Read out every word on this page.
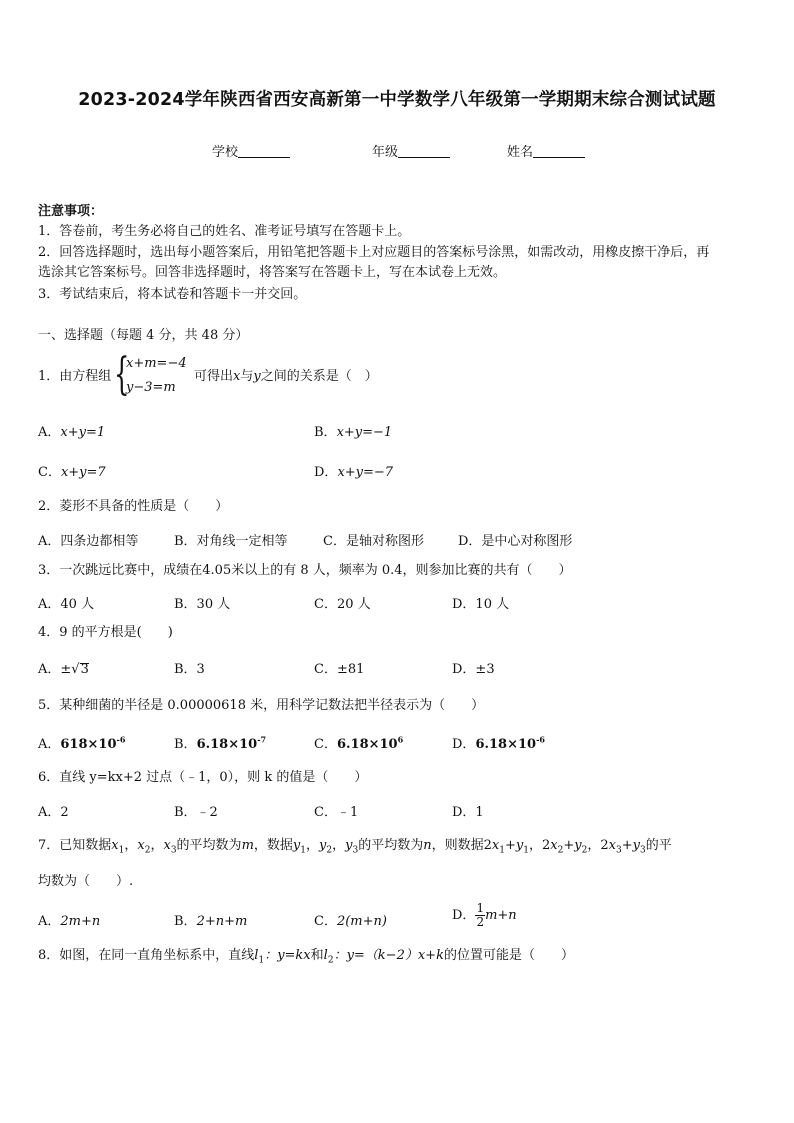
2023-2024学年陕西省西安高新第一中学数学八年级第一学期期末综合测试试题
学校	年级	姓名
注意事项：
1．答卷前，考生务必将自己的姓名、准考证号填写在答题卡上。
2．回答选择题时，选出每小题答案后，用铅笔把答题卡上对应题目的答案标号涂黑，如需改动，用橡皮擦干净后，再
选涂其它答案标号。回答非选择题时，将答案写在答题卡上，写在本试卷上无效。
3．考试结束后，将本试卷和答题卡一并交回。
一、选择题（每题 4 分，共 48 分）
1．由方程组 {
x+m=−4
y−3=m
可得出x与y之间的关系是（　）
A．x+y=1	B．x+y=−1
C．x+y=7	D．x+y=−7
2．菱形不具备的性质是（　　）
A．四条边都相等	B．对角线一定相等	C．是轴对称图形	D．是中心对称图形
3．一次跳远比赛中，成绩在4.05米以上的有 8 人，频率为 0.4，则参加比赛的共有（　　）
A．40 人	B．30 人	C．20 人	D．10 人
4．9 的平方根是(　　)
A．±√3	B．3	C．±81	D．±3
5．某种细菌的半径是 0.00000618 米，用科学记数法把半径表示为（　　）
A．$618\times 10^{-6}$	B．$6.18\times 10^{-7}$	C．$6.18\times 10^6$	D．$6.18\times 10^{-6}$
6．直线 y=kx+2 过点（﹣1，0），则 k 的值是（　　）
A．2	B．﹣2	C．﹣1	D．1
7．已知数据$x_1$，$x_2$，$x_3$的平均数为m，数据$y_1$，$y_2$，$y_3$的平均数为n，则数据$2x_1+y_1$，$2x_2+y_2$，$2x_3+y_3$的平
均数为（　　）.
A．2m+n	B．2+n+m	C．2(m+n)	D． $\frac{1}{2} m+n$
8．如图，在同一直角坐标系中，直线$l_1$：y=kx和$l_2$：y=（k−2）x+k的位置可能是（　　）
